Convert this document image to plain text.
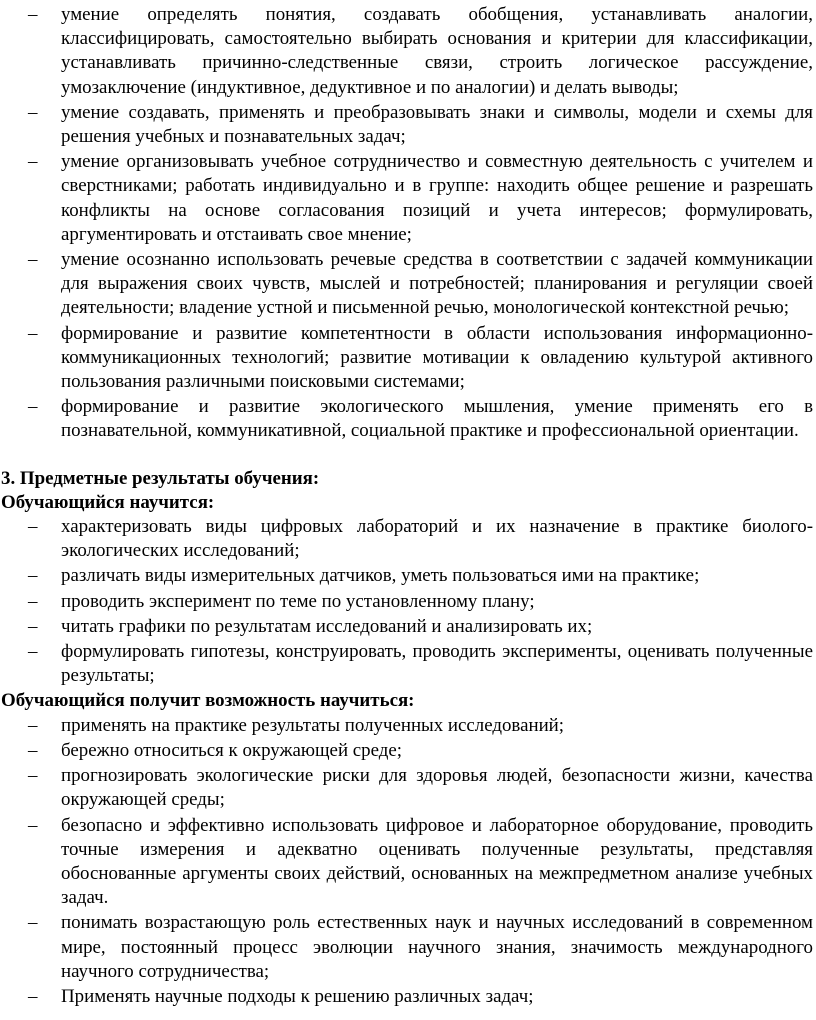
– умение определять понятия, создавать обобщения, устанавливать аналогии, классифицировать, самостоятельно выбирать основания и критерии для классификации, устанавливать причинно-следственные связи, строить логическое рассуждение, умозаключение (индуктивное, дедуктивное и по аналогии) и делать выводы;
– умение создавать, применять и преобразовывать знаки и символы, модели и схемы для решения учебных и познавательных задач;
– умение организовывать учебное сотрудничество и совместную деятельность с учителем и сверстниками; работать индивидуально и в группе: находить общее решение и разрешать конфликты на основе согласования позиций и учета интересов; формулировать, аргументировать и отстаивать свое мнение;
– умение осознанно использовать речевые средства в соответствии с задачей коммуникации для выражения своих чувств, мыслей и потребностей; планирования и регуляции своей деятельности; владение устной и письменной речью, монологической контекстной речью;
– формирование и развитие компетентности в области использования информационно-коммуникационных технологий; развитие мотивации к овладению культурой активного пользования различными поисковыми системами;
– формирование и развитие экологического мышления, умение применять его в познавательной, коммуникативной, социальной практике и профессиональной ориентации.

3. Предметные результаты обучения:

Обучающийся научится:

– характеризовать виды цифровых лабораторий и их назначение в практике биолого-экологических исследований;
– различать виды измерительных датчиков, уметь пользоваться ими на практике;
– проводить эксперимент по теме по установленному плану;
– читать графики по результатам исследований и анализировать их;
– формулировать гипотезы, конструировать, проводить эксперименты, оценивать полученные результаты;

Обучающийся получит возможность научиться:

– применять на практике результаты полученных исследований;
– бережно относиться к окружающей среде;
– прогнозировать экологические риски для здоровья людей, безопасности жизни, качества окружающей среды;
– безопасно и эффективно использовать цифровое и лабораторное оборудование, проводить точные измерения и адекватно оценивать полученные результаты, представляя обоснованные аргументы своих действий, основанных на межпредметном анализе учебных задач.
– понимать возрастающую роль естественных наук и научных исследований в современном мире, постоянный процесс эволюции научного знания, значимость международного научного сотрудничества;
– Применять научные подходы к решению различных задач;
